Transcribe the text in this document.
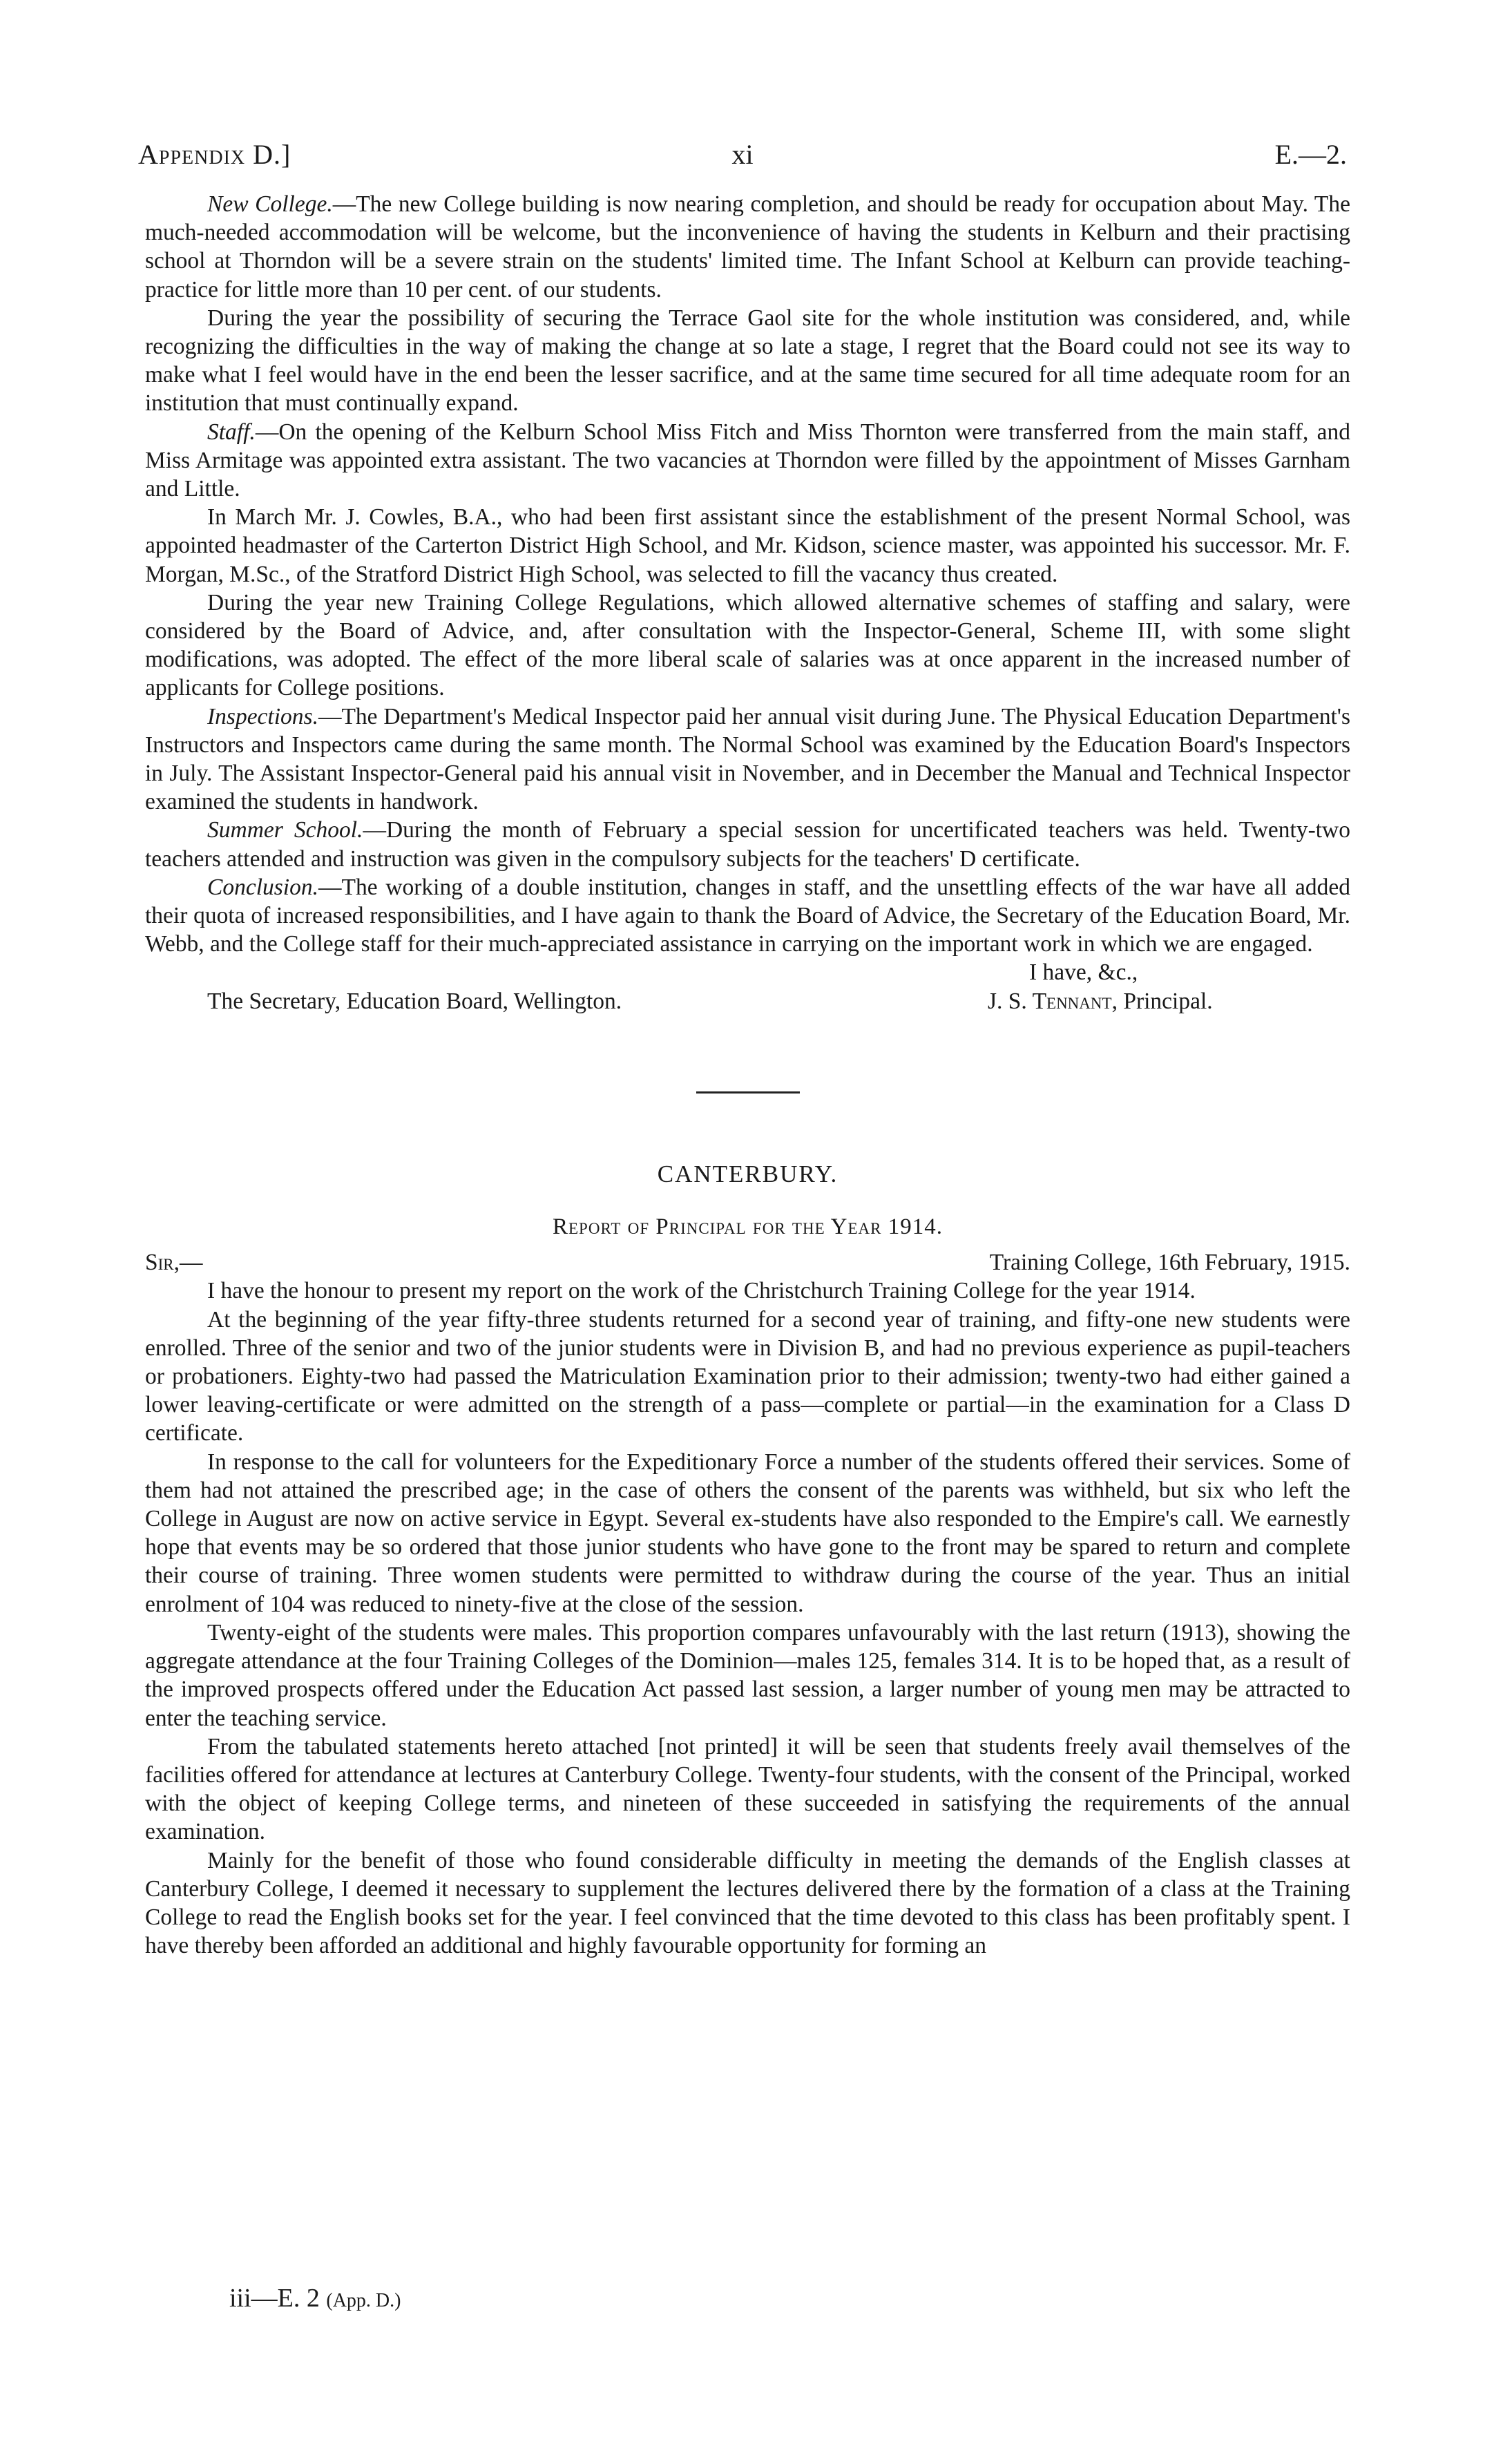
Appendix D.]	xi	E.—2.

New College.—The new College building is now nearing completion, and should be ready for occupation about May. The much-needed accommodation will be welcome, but the inconvenience of having the students in Kelburn and their practising school at Thorndon will be a severe strain on the students' limited time. The Infant School at Kelburn can provide teaching-practice for little more than 10 per cent. of our students.

During the year the possibility of securing the Terrace Gaol site for the whole institution was considered, and, while recognizing the difficulties in the way of making the change at so late a stage, I regret that the Board could not see its way to make what I feel would have in the end been the lesser sacrifice, and at the same time secured for all time adequate room for an institution that must continually expand.

Staff.—On the opening of the Kelburn School Miss Fitch and Miss Thornton were transferred from the main staff, and Miss Armitage was appointed extra assistant. The two vacancies at Thorndon were filled by the appointment of Misses Garnham and Little.

In March Mr. J. Cowles, B.A., who had been first assistant since the establishment of the present Normal School, was appointed headmaster of the Carterton District High School, and Mr. Kidson, science master, was appointed his successor. Mr. F. Morgan, M.Sc., of the Stratford District High School, was selected to fill the vacancy thus created.

During the year new Training College Regulations, which allowed alternative schemes of staffing and salary, were considered by the Board of Advice, and, after consultation with the Inspector-General, Scheme III, with some slight modifications, was adopted. The effect of the more liberal scale of salaries was at once apparent in the increased number of applicants for College positions.

Inspections.—The Department's Medical Inspector paid her annual visit during June. The Physical Education Department's Instructors and Inspectors came during the same month. The Normal School was examined by the Education Board's Inspectors in July. The Assistant Inspector-General paid his annual visit in November, and in December the Manual and Technical Inspector examined the students in handwork.

Summer School.—During the month of February a special session for uncertificated teachers was held. Twenty-two teachers attended and instruction was given in the compulsory subjects for the teachers' D certificate.

Conclusion.—The working of a double institution, changes in staff, and the unsettling effects of the war have all added their quota of increased responsibilities, and I have again to thank the Board of Advice, the Secretary of the Education Board, Mr. Webb, and the College staff for their much-appreciated assistance in carrying on the important work in which we are engaged.

I have, &c.,
The Secretary, Education Board, Wellington.	J. S. Tennant, Principal.
CANTERBURY.
Report of Principal for the Year 1914.
Sir,—	Training College, 16th February, 1915.

I have the honour to present my report on the work of the Christchurch Training College for the year 1914.

At the beginning of the year fifty-three students returned for a second year of training, and fifty-one new students were enrolled. Three of the senior and two of the junior students were in Division B, and had no previous experience as pupil-teachers or probationers. Eighty-two had passed the Matriculation Examination prior to their admission; twenty-two had either gained a lower leaving-certificate or were admitted on the strength of a pass—complete or partial—in the examination for a Class D certificate.

In response to the call for volunteers for the Expeditionary Force a number of the students offered their services. Some of them had not attained the prescribed age; in the case of others the consent of the parents was withheld, but six who left the College in August are now on active service in Egypt. Several ex-students have also responded to the Empire's call. We earnestly hope that events may be so ordered that those junior students who have gone to the front may be spared to return and complete their course of training. Three women students were permitted to withdraw during the course of the year. Thus an initial enrolment of 104 was reduced to ninety-five at the close of the session.

Twenty-eight of the students were males. This proportion compares unfavourably with the last return (1913), showing the aggregate attendance at the four Training Colleges of the Dominion—males 125, females 314. It is to be hoped that, as a result of the improved prospects offered under the Education Act passed last session, a larger number of young men may be attracted to enter the teaching service.

From the tabulated statements hereto attached [not printed] it will be seen that students freely avail themselves of the facilities offered for attendance at lectures at Canterbury College. Twenty-four students, with the consent of the Principal, worked with the object of keeping College terms, and nineteen of these succeeded in satisfying the requirements of the annual examination.

Mainly for the benefit of those who found considerable difficulty in meeting the demands of the English classes at Canterbury College, I deemed it necessary to supplement the lectures delivered there by the formation of a class at the Training College to read the English books set for the year. I feel convinced that the time devoted to this class has been profitably spent. I have thereby been afforded an additional and highly favourable opportunity for forming an

iii—E. 2 (App. D.)
